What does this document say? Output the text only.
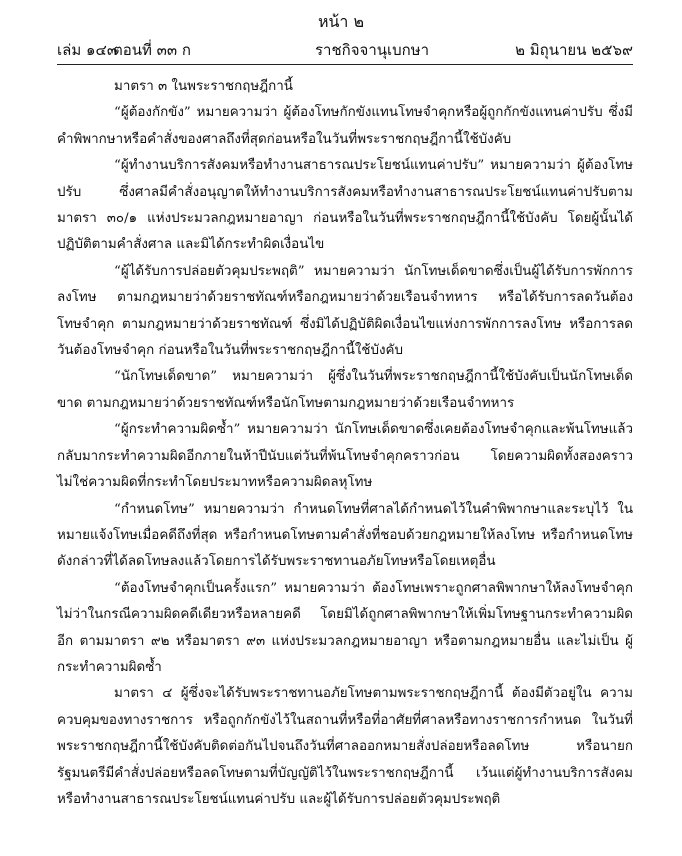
หน้า ๒
เล่ม ๑๔๓
ตอนที่ ๓๓ ก	ราชกิจจานุเบกษา	๒ มิถุนายน ๒๕๖๙

มาตรา ๓ ในพระราชกฤษฎีกานี้

“ผู้ต้องกักขัง” หมายความว่า ผู้ต้องโทษกักขังแทนโทษจำคุกหรือผู้ถูกกักขังแทนค่าปรับ ซึ่งมีคำพิพากษาหรือคำสั่งของศาลถึงที่สุดก่อนหรือในวันที่พระราชกฤษฎีกานี้ใช้บังคับ

“ผู้ทำงานบริการสังคมหรือทำงานสาธารณประโยชน์แทนค่าปรับ” หมายความว่า ผู้ต้องโทษปรับ ซึ่งศาลมีคำสั่งอนุญาตให้ทำงานบริการสังคมหรือทำงานสาธารณประโยชน์แทนค่าปรับตามมาตรา ๓๐/๑ แห่งประมวลกฎหมายอาญา ก่อนหรือในวันที่พระราชกฤษฎีกานี้ใช้บังคับ โดยผู้นั้นได้ปฏิบัติตามคำสั่งศาล และมิได้กระทำผิดเงื่อนไข

“ผู้ได้รับการปล่อยตัวคุมประพฤติ” หมายความว่า นักโทษเด็ดขาดซึ่งเป็นผู้ได้รับการพักการลงโทษ ตามกฎหมายว่าด้วยราชทัณฑ์หรือกฎหมายว่าด้วยเรือนจำทหาร หรือได้รับการลดวันต้องโทษจำคุก ตามกฎหมายว่าด้วยราชทัณฑ์ ซึ่งมิได้ปฏิบัติผิดเงื่อนไขแห่งการพักการลงโทษ หรือการลดวันต้องโทษจำคุก ก่อนหรือในวันที่พระราชกฤษฎีกานี้ใช้บังคับ

“นักโทษเด็ดขาด” หมายความว่า ผู้ซึ่งในวันที่พระราชกฤษฎีกานี้ใช้บังคับเป็นนักโทษเด็ดขาด ตามกฎหมายว่าด้วยราชทัณฑ์หรือนักโทษตามกฎหมายว่าด้วยเรือนจำทหาร

“ผู้กระทำความผิดซ้ำ” หมายความว่า นักโทษเด็ดขาดซึ่งเคยต้องโทษจำคุกและพ้นโทษแล้ว กลับมากระทำความผิดอีกภายในห้าปีนับแต่วันที่พ้นโทษจำคุกคราวก่อน โดยความผิดทั้งสองคราว ไม่ใช่ความผิดที่กระทำโดยประมาทหรือความผิดลหุโทษ

“กำหนดโทษ” หมายความว่า กำหนดโทษที่ศาลได้กำหนดไว้ในคำพิพากษาและระบุไว้ ในหมายแจ้งโทษเมื่อคดีถึงที่สุด หรือกำหนดโทษตามคำสั่งที่ชอบด้วยกฎหมายให้ลงโทษ หรือกำหนดโทษ ดังกล่าวที่ได้ลดโทษลงแล้วโดยการได้รับพระราชทานอภัยโทษหรือโดยเหตุอื่น

“ต้องโทษจำคุกเป็นครั้งแรก” หมายความว่า ต้องโทษเพราะถูกศาลพิพากษาให้ลงโทษจำคุก ไม่ว่าในกรณีความผิดคดีเดียวหรือหลายคดี โดยมิได้ถูกศาลพิพากษาให้เพิ่มโทษฐานกระทำความผิดอีก ตามมาตรา ๙๒ หรือมาตรา ๙๓ แห่งประมวลกฎหมายอาญา หรือตามกฎหมายอื่น และไม่เป็น ผู้กระทำความผิดซ้ำ

มาตรา ๔ ผู้ซึ่งจะได้รับพระราชทานอภัยโทษตามพระราชกฤษฎีกานี้ ต้องมีตัวอยู่ใน ความควบคุมของทางราชการ หรือถูกกักขังไว้ในสถานที่หรือที่อาศัยที่ศาลหรือทางราชการกำหนด ในวันที่พระราชกฤษฎีกานี้ใช้บังคับติดต่อกันไปจนถึงวันที่ศาลออกหมายสั่งปล่อยหรือลดโทษ หรือนายกรัฐมนตรีมีคำสั่งปล่อยหรือลดโทษตามที่บัญญัติไว้ในพระราชกฤษฎีกานี้ เว้นแต่ผู้ทำงานบริการสังคม หรือทำงานสาธารณประโยชน์แทนค่าปรับ และผู้ได้รับการปล่อยตัวคุมประพฤติ
